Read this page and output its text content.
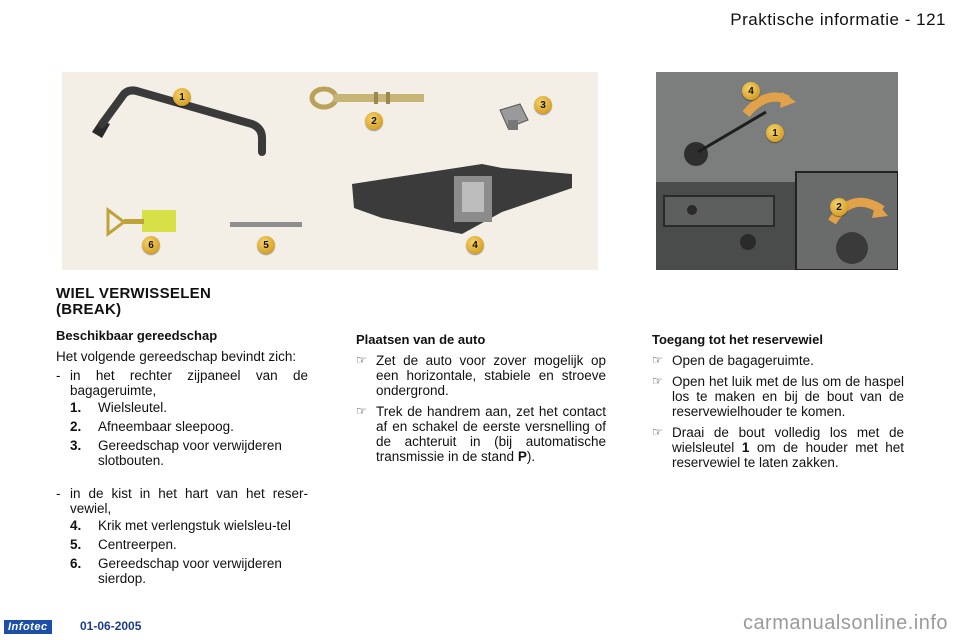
Praktische informatie - 121
1
2
3
4
5
6
1
4
2
WIEL VERWISSELEN
(BREAK)
Beschikbaar gereedschap

Het volgende gereedschap bevindt zich:

- in het rechter zijpaneel van de bagageruimte,
1.	Wielsleutel.
2.	Afneembaar sleepoog.
3.	Gereedschap voor verwijderen slotbouten.
- in de kist in het hart van het reser-vewiel,
4.	Krik met verlengstuk wielsleu-tel
5.	Centreerpen.
6.	Gereedschap voor verwijderen sierdop.
Plaatsen van de auto
☞ Zet de auto voor zover mogelijk op een horizontale, stabiele en stroeve ondergrond.
☞ Trek de handrem aan, zet het contact af en schakel de eerste versnelling of de achteruit in (bij automatische transmissie in de stand P).
Toegang tot het reservewiel
☞ Open de bagageruimte.
☞ Open het luik met de lus om de haspel los te maken en bij de bout van de reservewielhouder te komen.
☞ Draai de bout volledig los met de wielsleutel 1 om de houder met het reservewiel te laten zakken.
Infotec	01-06-2005	carmanualsonline.info
